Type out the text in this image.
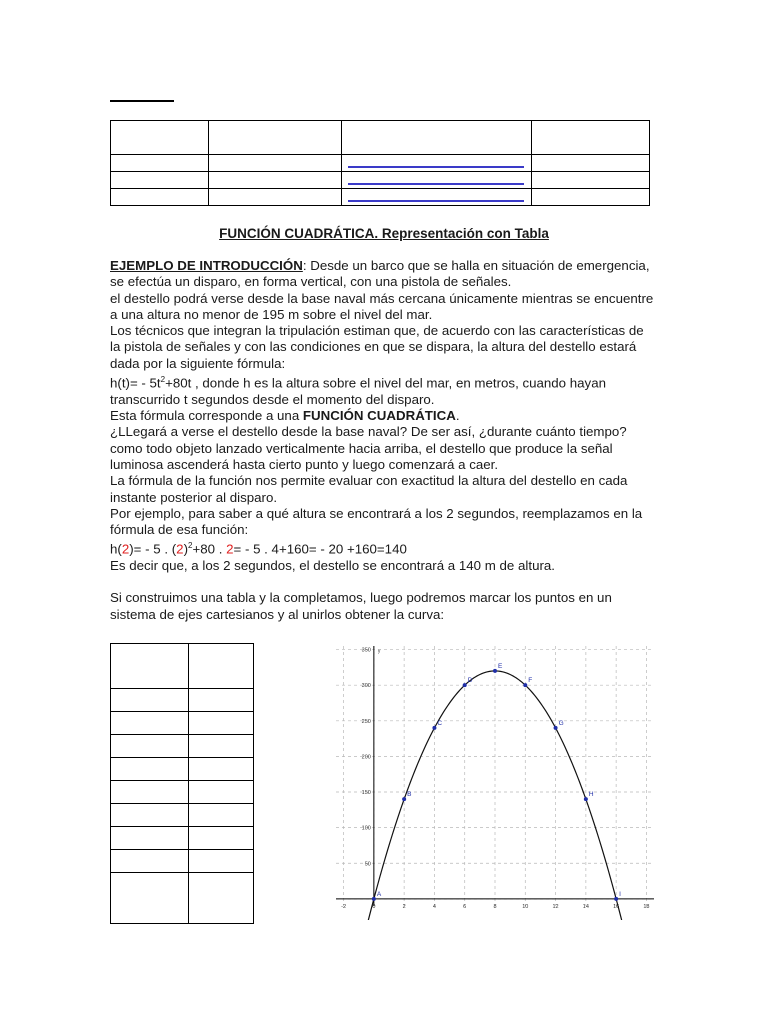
FUNCIÓN CUADRÁTICA. Representación con Tabla

EJEMPLO DE INTRODUCCIÓN: Desde un barco que se halla en situación de emergencia, se efectúa un disparo, en forma vertical, con una pistola de señales.

el destello podrá verse desde la base naval más cercana únicamente mientras se encuentre a una altura no menor de 195 m sobre el nivel del mar.

Los técnicos que integran la tripulación estiman que, de acuerdo con las características de la pistola de señales y con las condiciones en que se dispara, la altura del destello estará dada por la siguiente fórmula:

$h(t)= - 5t^2+80t$ , donde h es la altura sobre el nivel del mar, en metros, cuando hayan transcurrido t segundos desde el momento del disparo.

Esta fórmula corresponde a una FUNCIÓN CUADRÁTICA.

¿LLegará a verse el destello desde la base naval? De ser así, ¿durante cuánto tiempo? como todo objeto lanzado verticalmente hacia arriba, el destello que produce la señal luminosa ascenderá hasta cierto punto y luego comenzará a caer.

La fórmula de la función nos permite evaluar con exactitud la altura del destello en cada instante posterior al disparo.

Por ejemplo, para saber a qué altura se encontrará a los 2 segundos, reemplazamos en la fórmula de esa función:

h(2)= - 5 . $(2)^2+80$ . 2= - 5 . 4+160= - 20 +160=140

Es decir que, a los 2 segundos, el destello se encontrará a 140 m de altura.

Si construimos una tabla y la completamos, luego podremos marcar los puntos en un sistema de ejes cartesianos y al unirlos obtener la curva:

y
-2	0	2	4	6	8	10	12	14	16	18
50
100
150
200
250
300
350
A
B
C
D
E
F
G
H
I
